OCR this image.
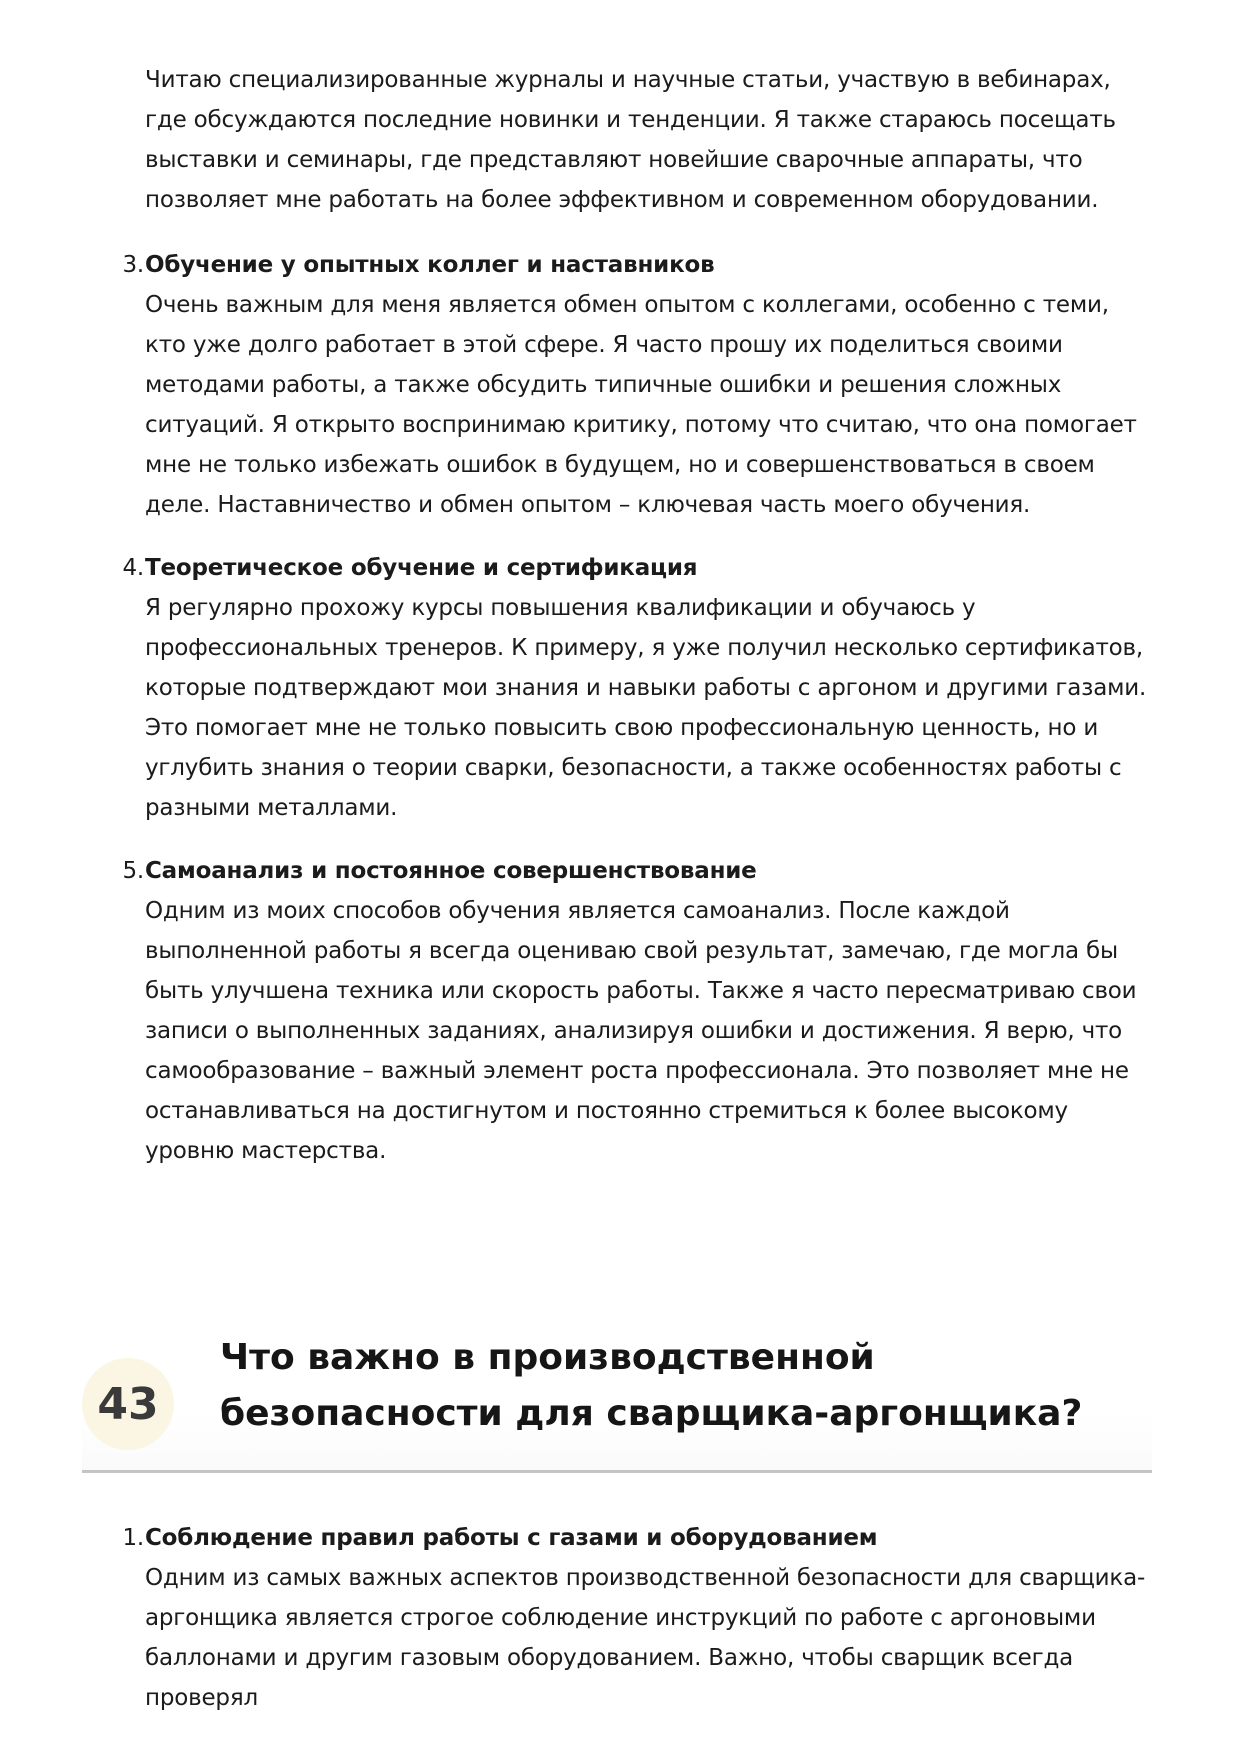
Читаю специализированные журналы и научные статьи, участвую в вебинарах, где обсуждаются последние новинки и тенденции. Я также стараюсь посещать выставки и семинары, где представляют новейшие сварочные аппараты, что позволяет мне работать на более эффективном и современном оборудовании.

3. Обучение у опытных коллег и наставников

Очень важным для меня является обмен опытом с коллегами, особенно с теми, кто уже долго работает в этой сфере. Я часто прошу их поделиться своими методами работы, а также обсудить типичные ошибки и решения сложных ситуаций. Я открыто воспринимаю критику, потому что считаю, что она помогает мне не только избежать ошибок в будущем, но и совершенствоваться в своем деле. Наставничество и обмен опытом – ключевая часть моего обучения.

4. Теоретическое обучение и сертификация

Я регулярно прохожу курсы повышения квалификации и обучаюсь у профессиональных тренеров. К примеру, я уже получил несколько сертификатов, которые подтверждают мои знания и навыки работы с аргоном и другими газами. Это помогает мне не только повысить свою профессиональную ценность, но и углубить знания о теории сварки, безопасности, а также особенностях работы с разными металлами.

5. Самоанализ и постоянное совершенствование

Одним из моих способов обучения является самоанализ. После каждой выполненной работы я всегда оцениваю свой результат, замечаю, где могла бы быть улучшена техника или скорость работы. Также я часто пересматриваю свои записи о выполненных заданиях, анализируя ошибки и достижения. Я верю, что самообразование – важный элемент роста профессионала. Это позволяет мне не останавливаться на достигнутом и постоянно стремиться к более высокому уровню мастерства.

43
Что важно в производственной безопасности для сварщика-аргонщика?
1. Соблюдение правил работы с газами и оборудованием

Одним из самых важных аспектов производственной безопасности для сварщика-аргонщика является строгое соблюдение инструкций по работе с аргоновыми баллонами и другим газовым оборудованием. Важно, чтобы сварщик всегда проверял
